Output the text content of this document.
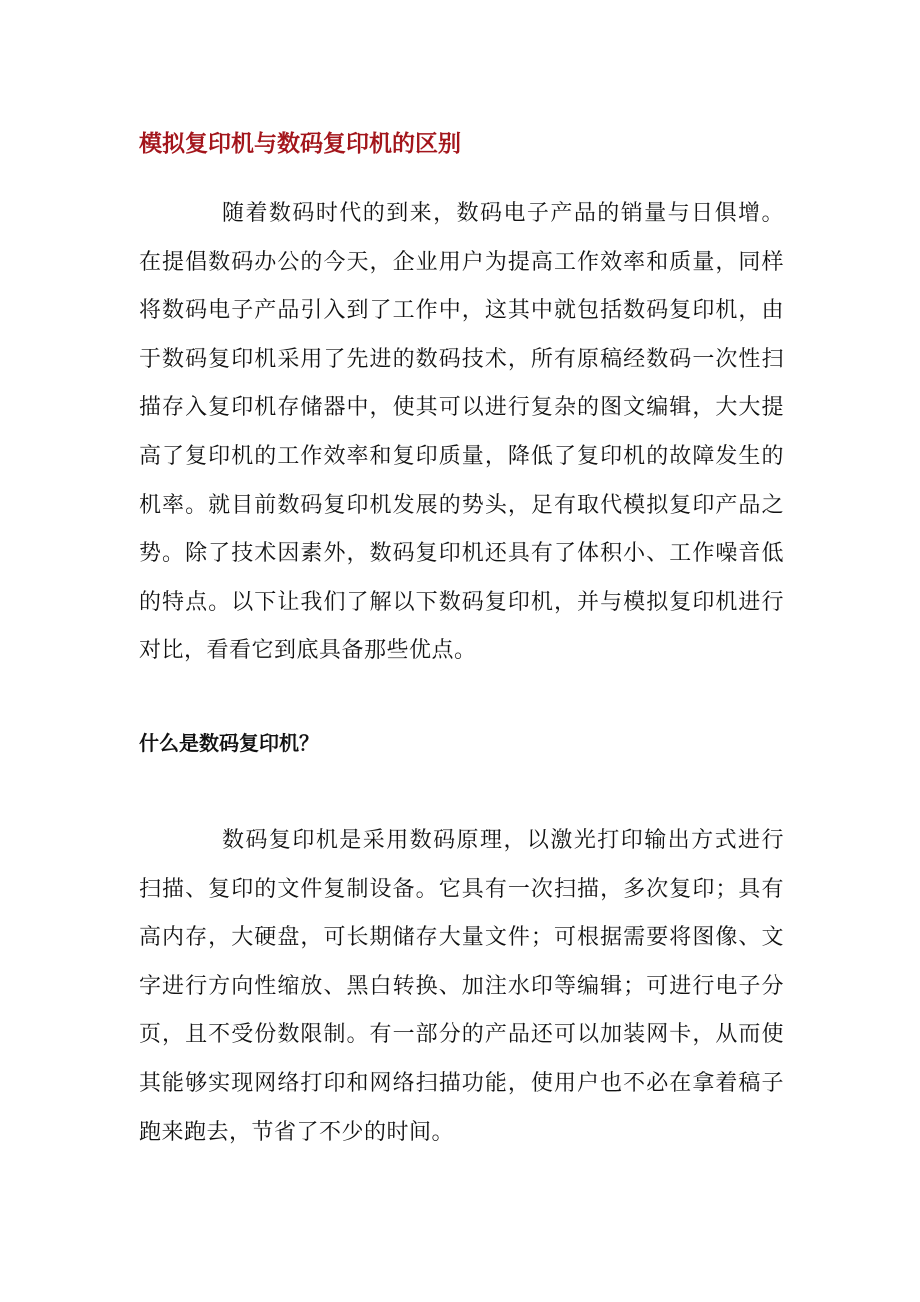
模拟复印机与数码复印机的区别

随着数码时代的到来，数码电子产品的销量与日俱增。在提倡数码办公的今天，企业用户为提高工作效率和质量，同样将数码电子产品引入到了工作中，这其中就包括数码复印机，由于数码复印机采用了先进的数码技术，所有原稿经数码一次性扫描存入复印机存储器中，使其可以进行复杂的图文编辑，大大提高了复印机的工作效率和复印质量，降低了复印机的故障发生的机率。就目前数码复印机发展的势头，足有取代模拟复印产品之势。除了技术因素外，数码复印机还具有了体积小、工作噪音低的特点。以下让我们了解以下数码复印机，并与模拟复印机进行对比，看看它到底具备那些优点。

什么是数码复印机？

数码复印机是采用数码原理，以激光打印输出方式进行扫描、复印的文件复制设备。它具有一次扫描，多次复印；具有高内存，大硬盘，可长期储存大量文件；可根据需要将图像、文字进行方向性缩放、黑白转换、加注水印等编辑；可进行电子分页，且不受份数限制。有一部分的产品还可以加装网卡，从而使其能够实现网络打印和网络扫描功能，使用户也不必在拿着稿子跑来跑去，节省了不少的时间。
